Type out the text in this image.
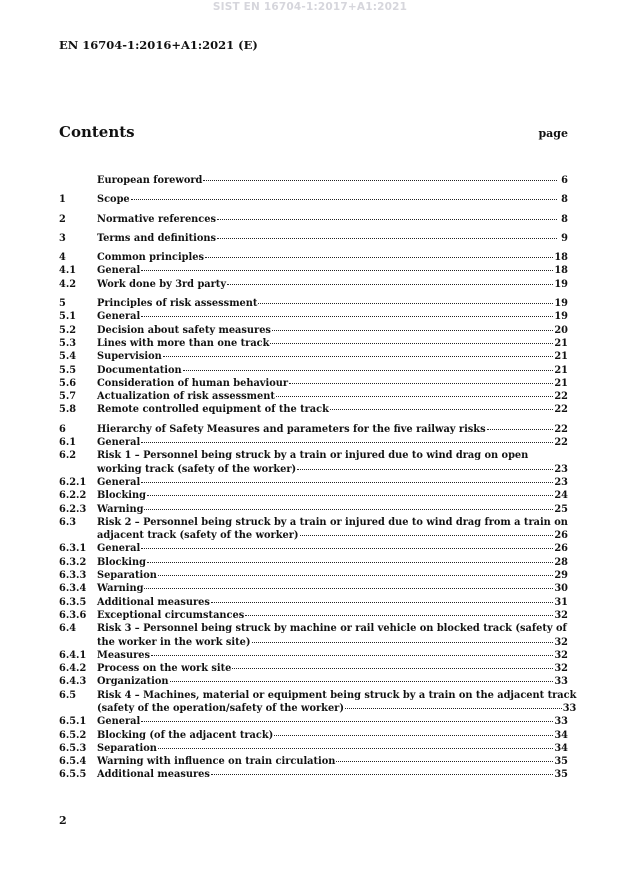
SIST EN 16704-1:2017+A1:2021
EN 16704-1:2016+A1:2021 (E)
Contents	page
European foreword	6
1	Scope	8
2	Normative references	8
3	Terms and definitions	9
4	Common principles	18
4.1	General	18
4.2	Work done by 3rd party	19
5	Principles of risk assessment	19
5.1	General	19
5.2	Decision about safety measures	20
5.3	Lines with more than one track	21
5.4	Supervision	21
5.5	Documentation	21
5.6	Consideration of human behaviour	21
5.7	Actualization of risk assessment	22
5.8	Remote controlled equipment of the track	22
6	Hierarchy of Safety Measures and parameters for the five railway risks	22
6.1	General	22
6.2	Risk 1 – Personnel being struck by a train or injured due to wind drag on open
working track (safety of the worker)	23
6.2.1	General	23
6.2.2	Blocking	24
6.2.3	Warning	25
6.3	Risk 2 – Personnel being struck by a train or injured due to wind drag from a train on
adjacent track (safety of the worker)	26
6.3.1	General	26
6.3.2	Blocking	28
6.3.3	Separation	29
6.3.4	Warning	30
6.3.5	Additional measures	31
6.3.6	Exceptional circumstances	32
6.4	Risk 3 – Personnel being struck by machine or rail vehicle on blocked track (safety of
the worker in the work site)	32
6.4.1	Measures	32
6.4.2	Process on the work site	32
6.4.3	Organization	33
6.5	Risk 4 – Machines, material or equipment being struck by a train on the adjacent track
(safety of the operation/safety of the worker)	33
6.5.1	General	33
6.5.2	Blocking (of the adjacent track)	34
6.5.3	Separation	34
6.5.4	Warning with influence on train circulation	35
6.5.5	Additional measures	35
2
